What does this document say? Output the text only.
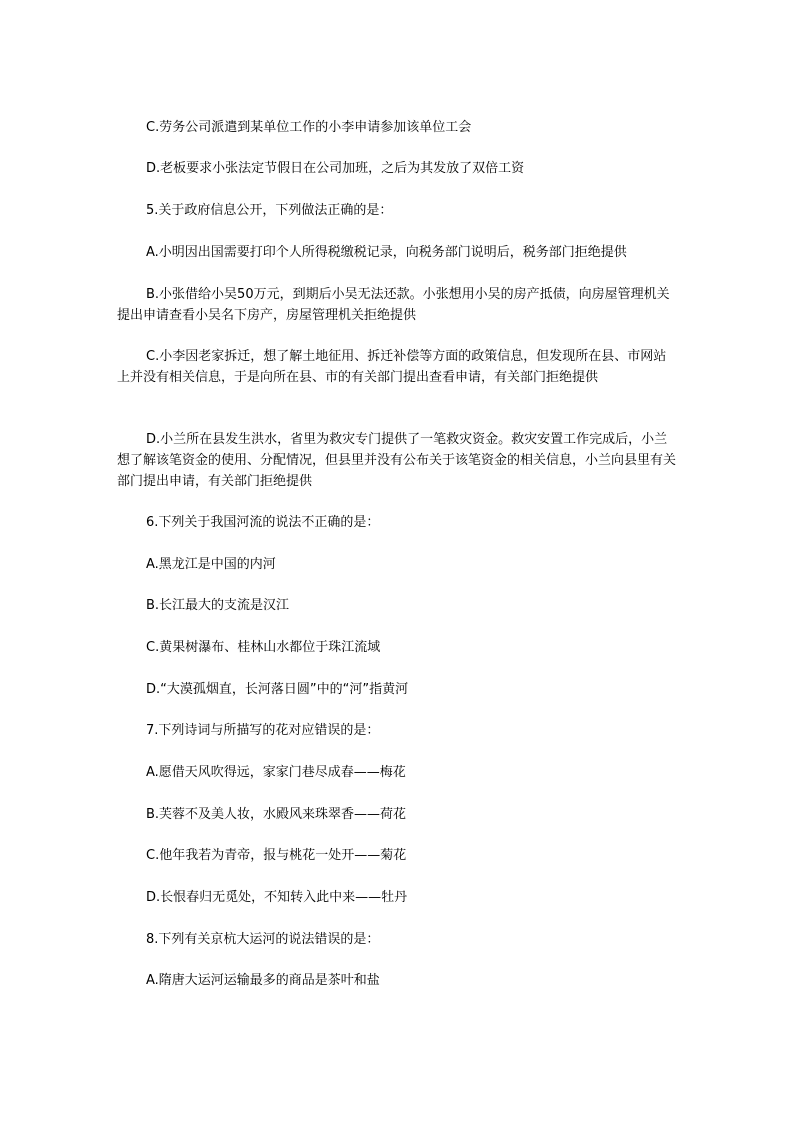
C.劳务公司派遣到某单位工作的小李申请参加该单位工会

D.老板要求小张法定节假日在公司加班，之后为其发放了双倍工资

5.关于政府信息公开，下列做法正确的是：

A.小明因出国需要打印个人所得税缴税记录，向税务部门说明后，税务部门拒绝提供

B.小张借给小吴50万元，到期后小吴无法还款。小张想用小吴的房产抵债，向房屋管理机关提出申请查看小吴名下房产，房屋管理机关拒绝提供

C.小李因老家拆迁，想了解土地征用、拆迁补偿等方面的政策信息，但发现所在县、市网站上并没有相关信息，于是向所在县、市的有关部门提出查看申请，有关部门拒绝提供

D.小兰所在县发生洪水，省里为救灾专门提供了一笔救灾资金。救灾安置工作完成后，小兰想了解该笔资金的使用、分配情况，但县里并没有公布关于该笔资金的相关信息，小兰向县里有关部门提出申请，有关部门拒绝提供

6.下列关于我国河流的说法不正确的是：

A.黑龙江是中国的内河

B.长江最大的支流是汉江

C.黄果树瀑布、桂林山水都位于珠江流域

D.“大漠孤烟直，长河落日圆”中的“河”指黄河

7.下列诗词与所描写的花对应错误的是：

A.愿借天风吹得远，家家门巷尽成春——梅花

B.芙蓉不及美人妆，水殿风来珠翠香——荷花

C.他年我若为青帝，报与桃花一处开——菊花

D.长恨春归无觅处，不知转入此中来——牡丹

8.下列有关京杭大运河的说法错误的是：

A.隋唐大运河运输最多的商品是茶叶和盐
